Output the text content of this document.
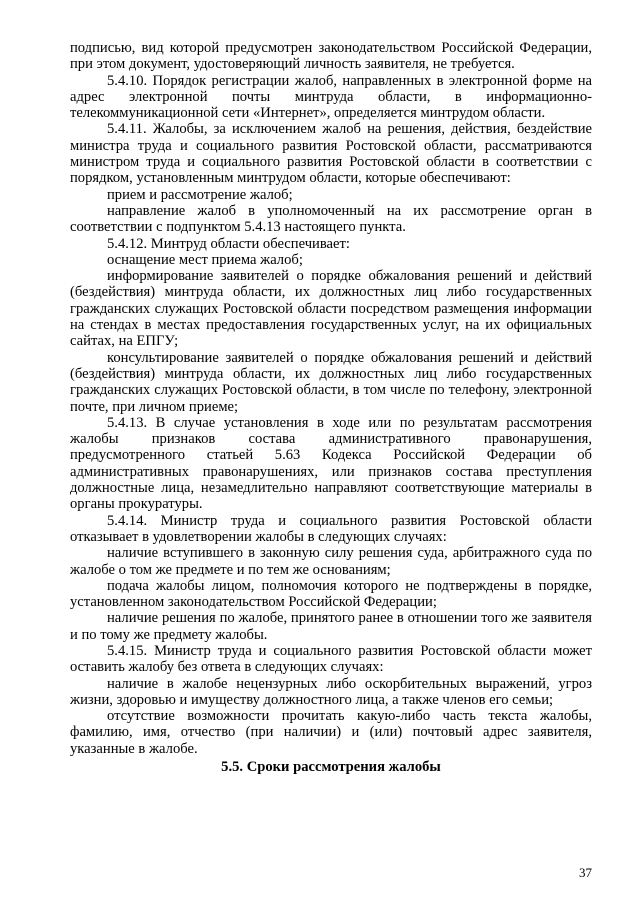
подписью, вид которой предусмотрен законодательством Российской Федерации, при этом документ, удостоверяющий личность заявителя, не требуется.

5.4.10. Порядок регистрации жалоб, направленных в электронной форме на адрес электронной почты минтруда области, в информационно-телекоммуникационной сети «Интернет», определяется минтрудом области.

5.4.11. Жалобы, за исключением жалоб на решения, действия, бездействие министра труда и социального развития Ростовской области, рассматриваются министром труда и социального развития Ростовской области в соответствии с порядком, установленным минтрудом области, которые обеспечивают:

прием и рассмотрение жалоб;

направление жалоб в уполномоченный на их рассмотрение орган в соответствии с подпунктом 5.4.13 настоящего пункта.

5.4.12. Минтруд области обеспечивает:

оснащение мест приема жалоб;

информирование заявителей о порядке обжалования решений и действий (бездействия) минтруда области, их должностных лиц либо государственных гражданских служащих Ростовской области посредством размещения информации на стендах в местах предоставления государственных услуг, на их официальных сайтах, на ЕПГУ;

консультирование заявителей о порядке обжалования решений и действий (бездействия) минтруда области, их должностных лиц либо государственных гражданских служащих Ростовской области, в том числе по телефону, электронной почте, при личном приеме;

5.4.13. В случае установления в ходе или по результатам рассмотрения жалобы признаков состава административного правонарушения, предусмотренного статьей 5.63 Кодекса Российской Федерации об административных правонарушениях, или признаков состава преступления должностные лица, незамедлительно направляют соответствующие материалы в органы прокуратуры.

5.4.14. Министр труда и социального развития Ростовской области отказывает в удовлетворении жалобы в следующих случаях:

наличие вступившего в законную силу решения суда, арбитражного суда по жалобе о том же предмете и по тем же основаниям;

подача жалобы лицом, полномочия которого не подтверждены в порядке, установленном законодательством Российской Федерации;

наличие решения по жалобе, принятого ранее в отношении того же заявителя и по тому же предмету жалобы.

5.4.15. Министр труда и социального развития Ростовской области может оставить жалобу без ответа в следующих случаях:

наличие в жалобе нецензурных либо оскорбительных выражений, угроз жизни, здоровью и имуществу должностного лица, а также членов его семьи;

отсутствие возможности прочитать какую-либо часть текста жалобы, фамилию, имя, отчество (при наличии) и (или) почтовый адрес заявителя, указанные в жалобе.

5.5. Сроки рассмотрения жалобы

37
